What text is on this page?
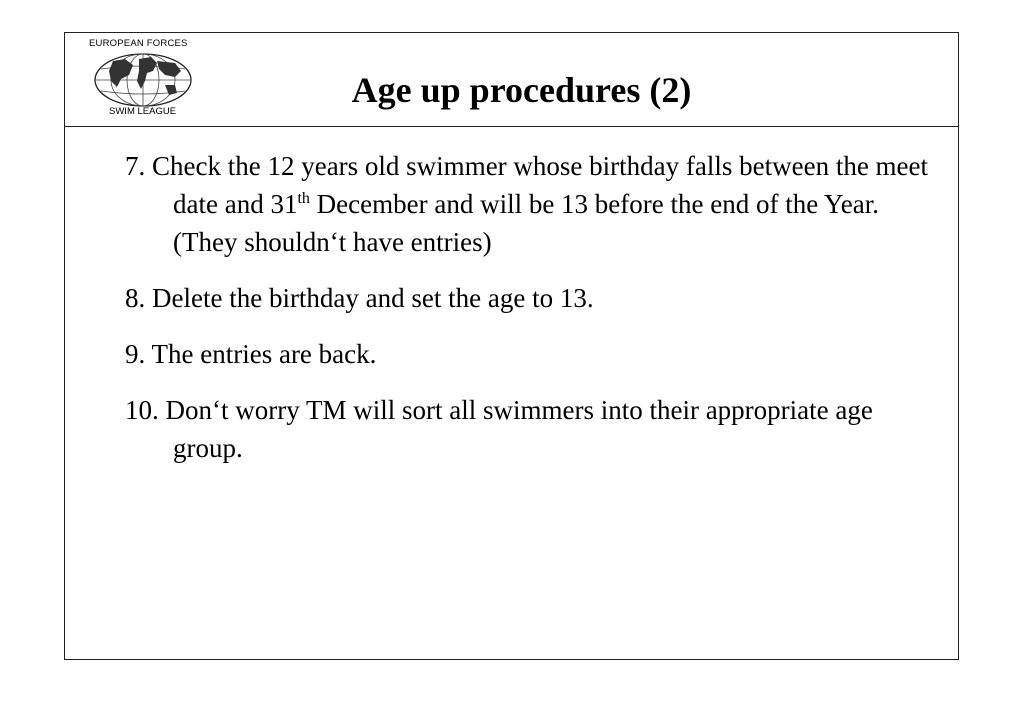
EUROPEAN FORCES
SWIM LEAGUE
Age up procedures (2)
7. Check the 12 years old swimmer whose birthday falls between the meet date and 31th December and will be 13 before the end of the Year. (They shouldn‘t have entries)
8. Delete the birthday and set the age to 13.
9. The entries are back.
10. Don‘t worry TM will sort all swimmers into their appropriate age group.
